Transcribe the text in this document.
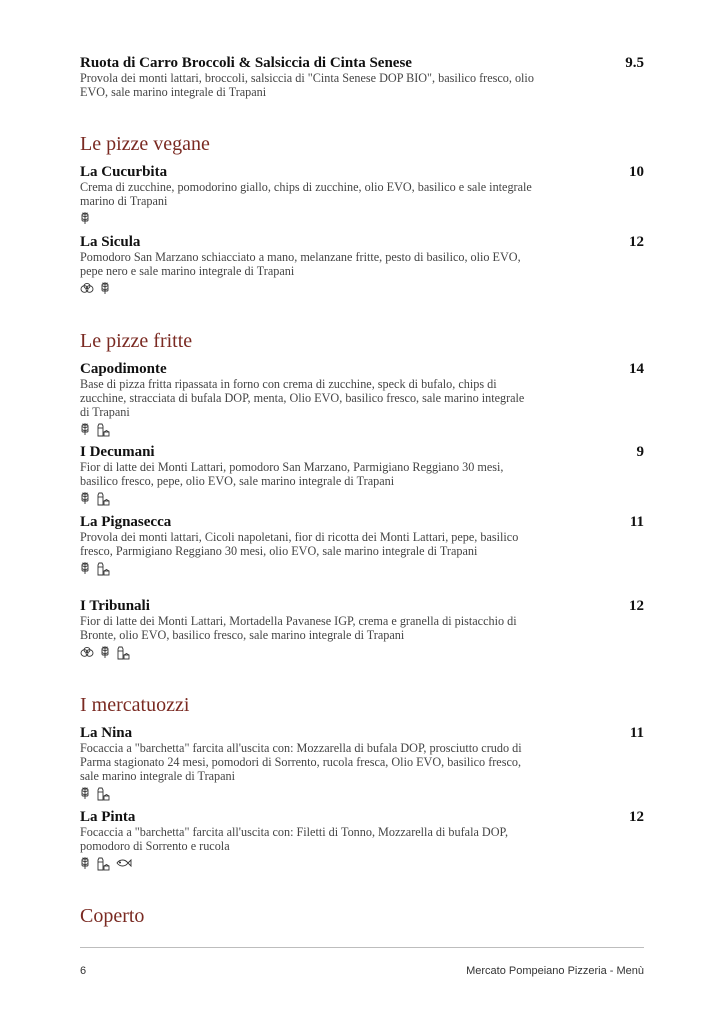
Ruota di Carro Broccoli & Salsiccia di Cinta Senese	9.5
Provola dei monti lattari, broccoli, salsiccia di "Cinta Senese DOP BIO", basilico fresco, olio EVO, sale marino integrale di Trapani
Le pizze vegane
La Cucurbita	10
Crema di zucchine, pomodorino giallo, chips di zucchine, olio EVO, basilico e sale integrale marino di Trapani
La Sicula	12
Pomodoro San Marzano schiacciato a mano, melanzane fritte, pesto di basilico, olio EVO, pepe nero e sale marino integrale di Trapani
Le pizze fritte
Capodimonte	14
Base di pizza fritta ripassata in forno con crema di zucchine, speck di bufalo, chips di zucchine, stracciata di bufala DOP, menta, Olio EVO, basilico fresco, sale marino integrale di Trapani
I Decumani	9
Fior di latte dei Monti Lattari, pomodoro San Marzano, Parmigiano Reggiano 30 mesi, basilico fresco, pepe, olio EVO, sale marino integrale di Trapani
La Pignasecca	11
Provola dei monti lattari, Cicoli napoletani, fior di ricotta dei Monti Lattari, pepe, basilico fresco, Parmigiano Reggiano 30 mesi, olio EVO, sale marino integrale di Trapani
I Tribunali	12
Fior di latte dei Monti Lattari, Mortadella Pavanese IGP, crema e granella di pistacchio di Bronte, olio EVO, basilico fresco, sale marino integrale di Trapani
I mercatuozzi
La Nina	11
Focaccia a "barchetta" farcita all'uscita con: Mozzarella di bufala DOP, prosciutto crudo di Parma stagionato 24 mesi, pomodori di Sorrento, rucola fresca, Olio EVO, basilico fresco, sale marino integrale di Trapani
La Pinta	12
Focaccia a "barchetta" farcita all'uscita con: Filetti di Tonno, Mozzarella di bufala DOP, pomodoro di Sorrento e rucola
Coperto
6	Mercato Pompeiano Pizzeria - Menù
